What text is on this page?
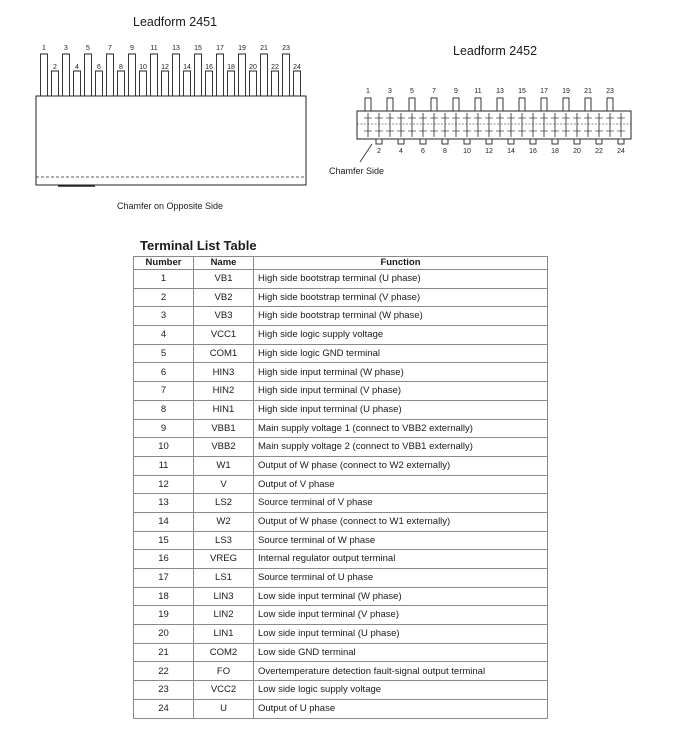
Leadform 2451
Leadform 2452
1
2
3
4
5
6
7
8
9
10
11
12
13
14
15
16
17
18
19
20
21
22
23
24
1
2
3
4
5
6
7
8
9
10
11
12
13
14
15
16
17
18
19
20
21
22
23
24
Chamfer on Opposite Side
Chamfer Side
Terminal List Table
Number	Name	Function
1	VB1	High side bootstrap terminal (U phase)
2	VB2	High side bootstrap terminal (V phase)
3	VB3	High side bootstrap terminal (W phase)
4	VCC1	High side logic supply voltage
5	COM1	High side logic GND terminal
6	HIN3	High side input terminal (W phase)
7	HIN2	High side input terminal (V phase)
8	HIN1	High side input terminal (U phase)
9	VBB1	Main supply voltage 1 (connect to VBB2 externally)
10	VBB2	Main supply voltage 2 (connect to VBB1 externally)
11	W1	Output of W phase (connect to W2 externally)
12	V	Output of V phase
13	LS2	Source terminal of V phase
14	W2	Output of W phase (connect to W1 externally)
15	LS3	Source terminal of W phase
16	VREG	Internal regulator output terminal
17	LS1	Source terminal of U phase
18	LIN3	Low side input terminal (W phase)
19	LIN2	Low side input terminal (V phase)
20	LIN1	Low side input terminal (U phase)
21	COM2	Low side GND terminal
22	FO	Overtemperature detection fault-signal output terminal
23	VCC2	Low side logic supply voltage
24	U	Output of U phase
